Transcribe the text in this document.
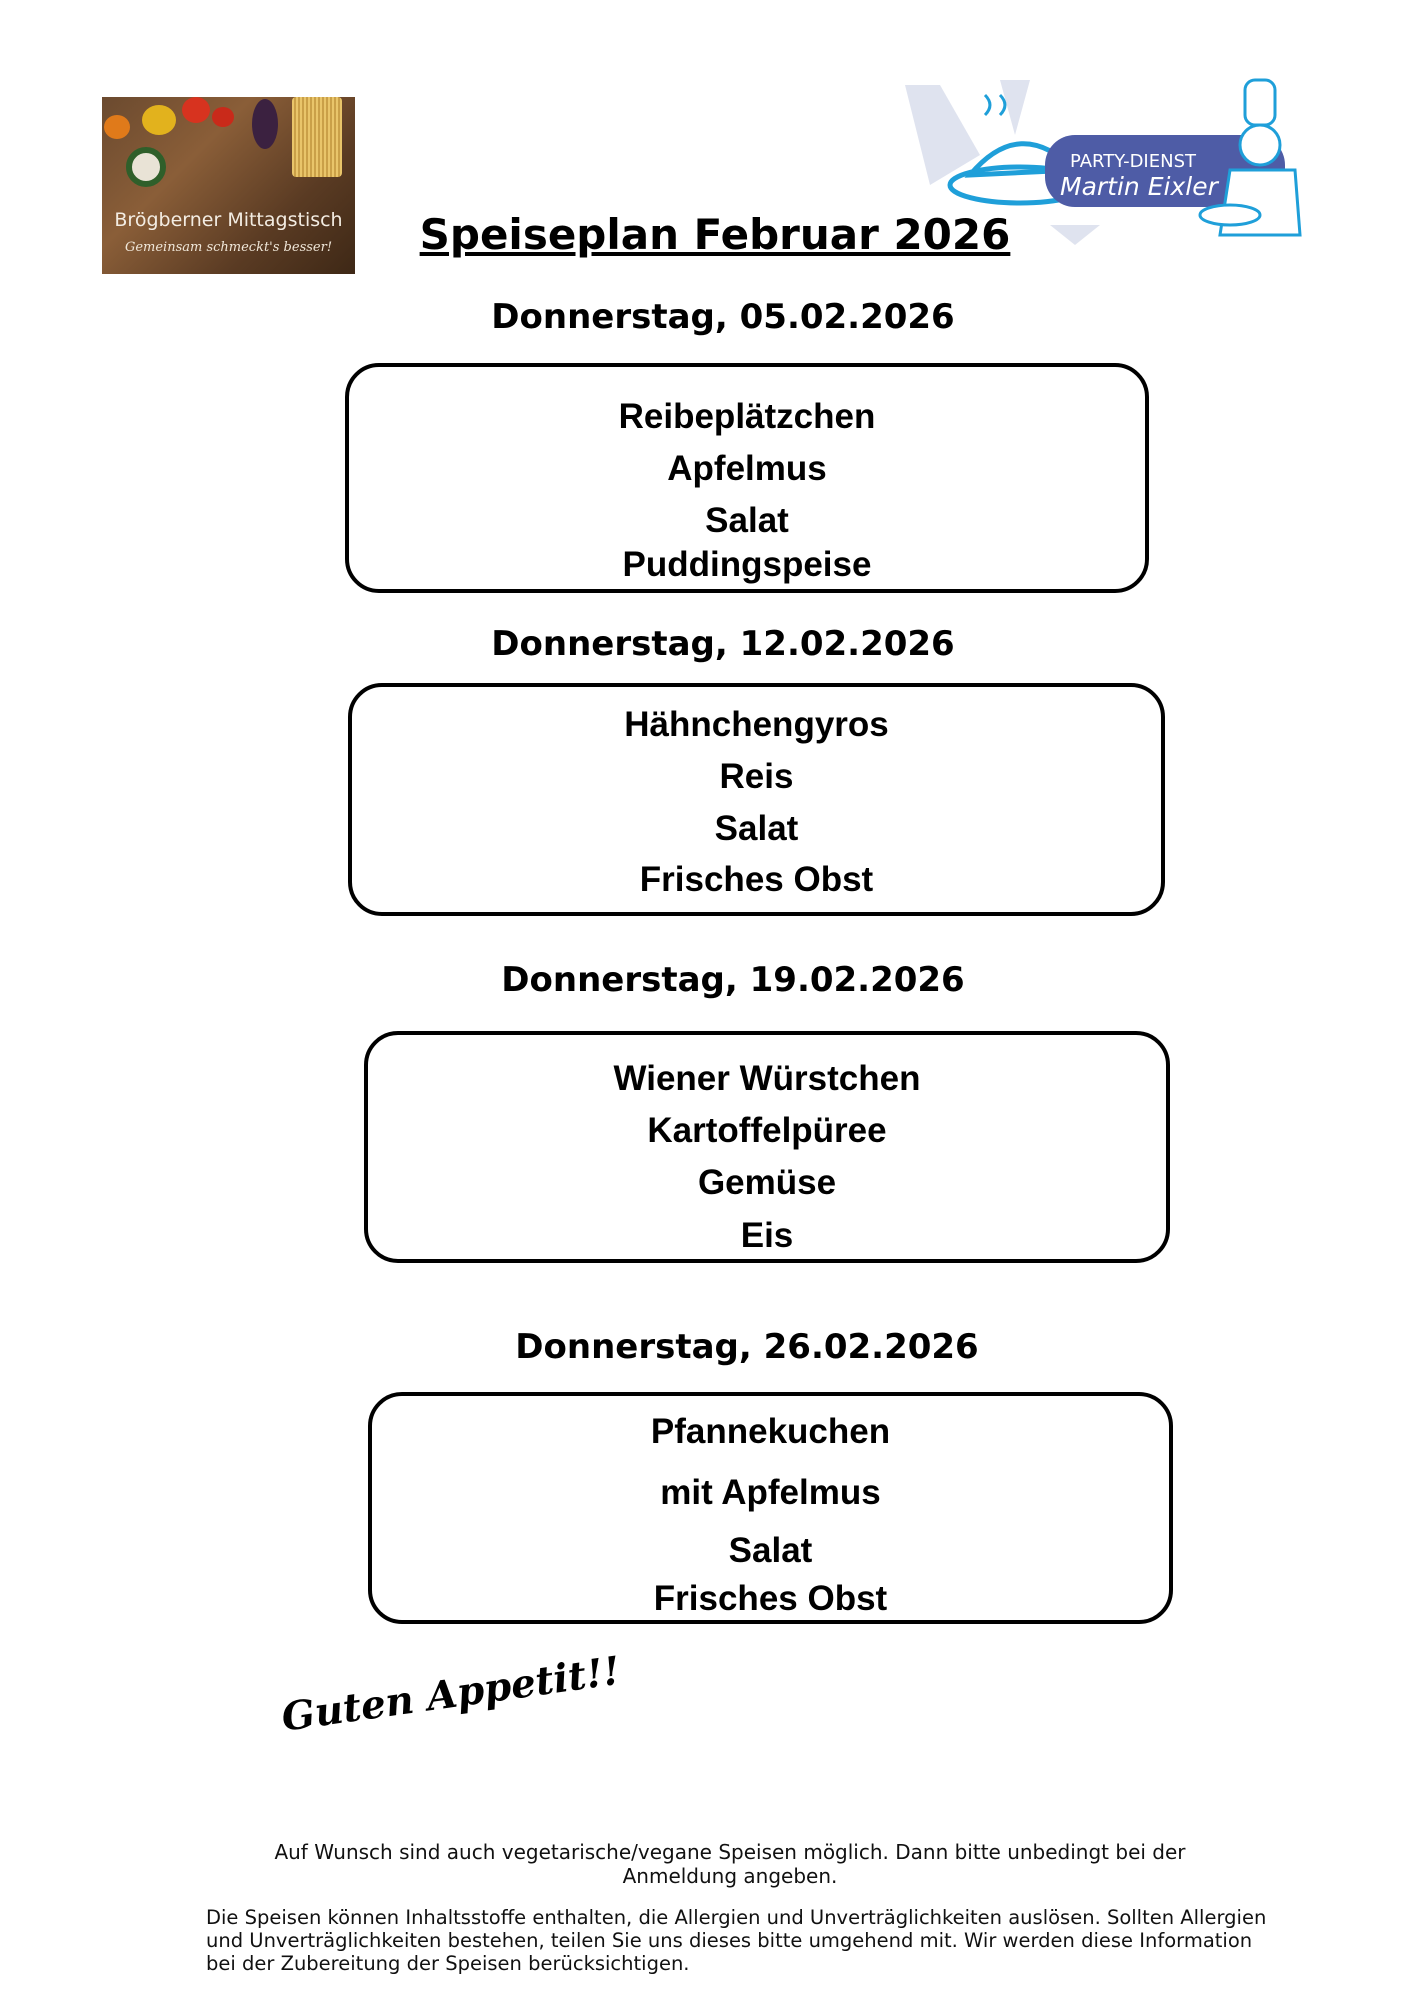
Brögberner Mittagstisch
Gemeinsam schmeckt's besser!
PARTY-DIENST
Martin Eixler
Speiseplan Februar 2026
Donnerstag, 05.02.2026
Reibeplätzchen
Apfelmus
Salat
Puddingspeise
Donnerstag, 12.02.2026
Hähnchengyros
Reis
Salat
Frisches Obst
Donnerstag, 19.02.2026
Wiener Würstchen
Kartoffelpüree
Gemüse
Eis
Donnerstag, 26.02.2026
Pfannekuchen
mit Apfelmus
Salat
Frisches Obst
Guten Appetit!!
Auf Wunsch sind auch vegetarische/vegane Speisen möglich. Dann bitte unbedingt bei der Anmeldung angeben.
Die Speisen können Inhaltsstoffe enthalten, die Allergien und Unverträglichkeiten auslösen. Sollten Allergien und Unverträglichkeiten bestehen, teilen Sie uns dieses bitte umgehend mit. Wir werden diese Information bei der Zubereitung der Speisen berücksichtigen.
